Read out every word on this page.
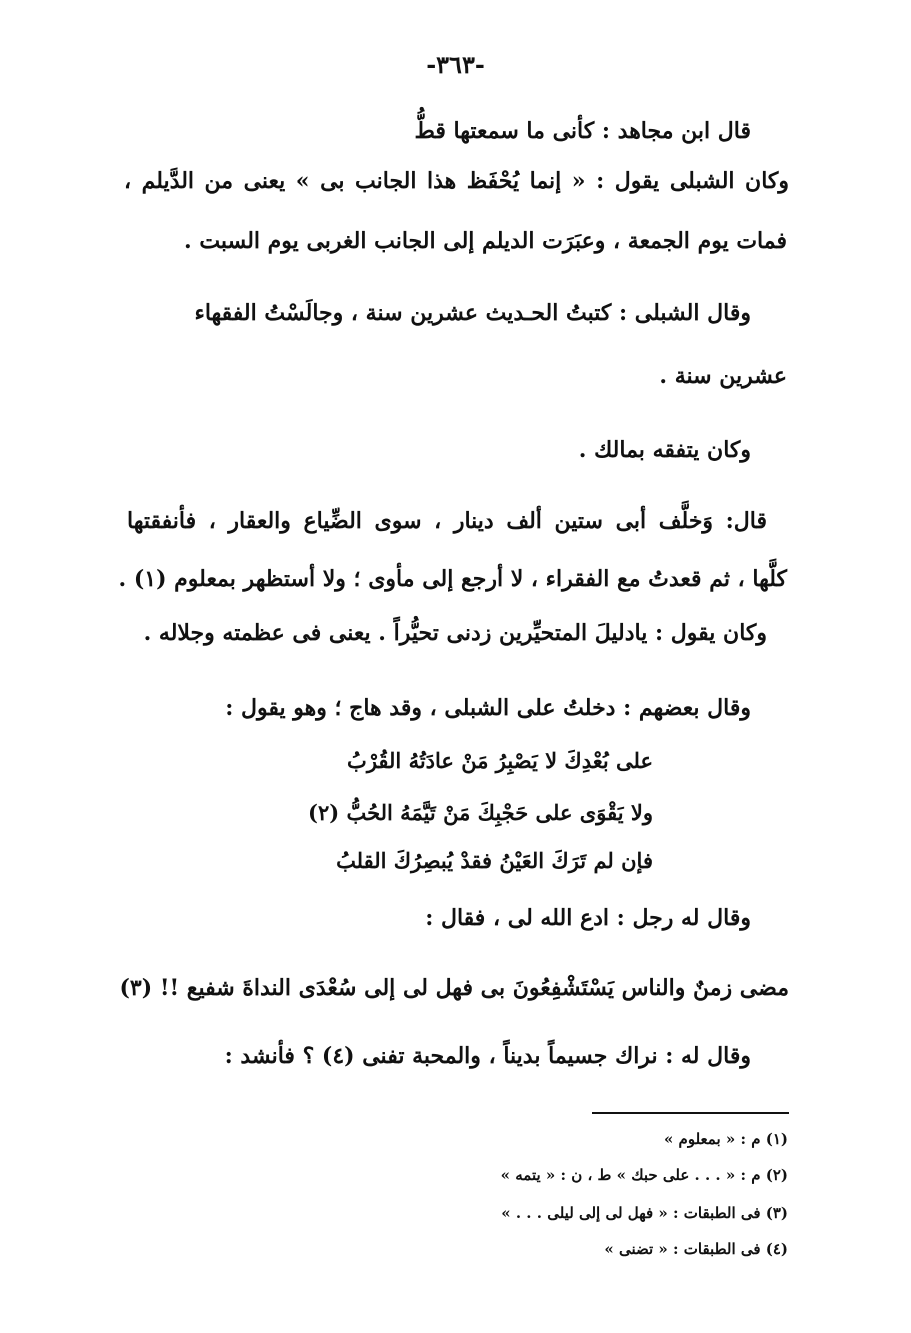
-٣٦٣-
قال ابن مجاهد : كأنى ما سمعتها قطُّ
وكان الشبلى يقول : « إنما يُحْفَظ هذا الجانب بى » يعنى من الدَّيلم ،
فمات يوم الجمعة ، وعبَرَت الديلم إلى الجانب الغربى يوم السبت .
وقال الشبلى : كتبتُ الحـديث عشرين سنة ، وجالَسْتُ الفقهاء
عشرين سنة .
وكان يتفقه بمالك .
قال: وَخلَّف أبى ستين ألف دينار ، سوى الضِّياع والعقار ، فأنفقتها
كلَّها ، ثم قعدتُ مع الفقراء ، لا أرجع إلى مأوى ؛ ولا أستظهر بمعلوم (١) .
وكان يقول : يادليلَ المتحيِّرين زدنى تحيُّراً . يعنى فى عظمته وجلاله .
وقال بعضهم : دخلتُ على الشبلى ، وقد هاج ؛ وهو يقول :
على بُعْدِكَ لا يَصْبِرُ مَنْ عادَتُهُ القُرْبُ
ولا يَقْوَى على حَجْبِكَ مَنْ تَيَّمَهُ الحُبُّ (٢)
فإن لم تَرَكَ العَيْنُ فقدْ يُبصِرُكَ القلبُ
وقال له رجل : ادع الله لى ، فقال :
مضى زمنٌ والناس يَسْتَشْفِعُونَ بى فهل لى إلى سُعْدَى النداةَ شفيع !! (٣)
وقال له : نراك جسيماً بديناً ، والمحبة تفنى (٤) ؟ فأنشد :
(١) م : « بمعلوم »
(٢) م : « . . . على حبك » ط ، ن : « يتمه »
(٣) فى الطبقات : « فهل لى إلى ليلى . . . »
(٤) فى الطبقات : « تضنى »
